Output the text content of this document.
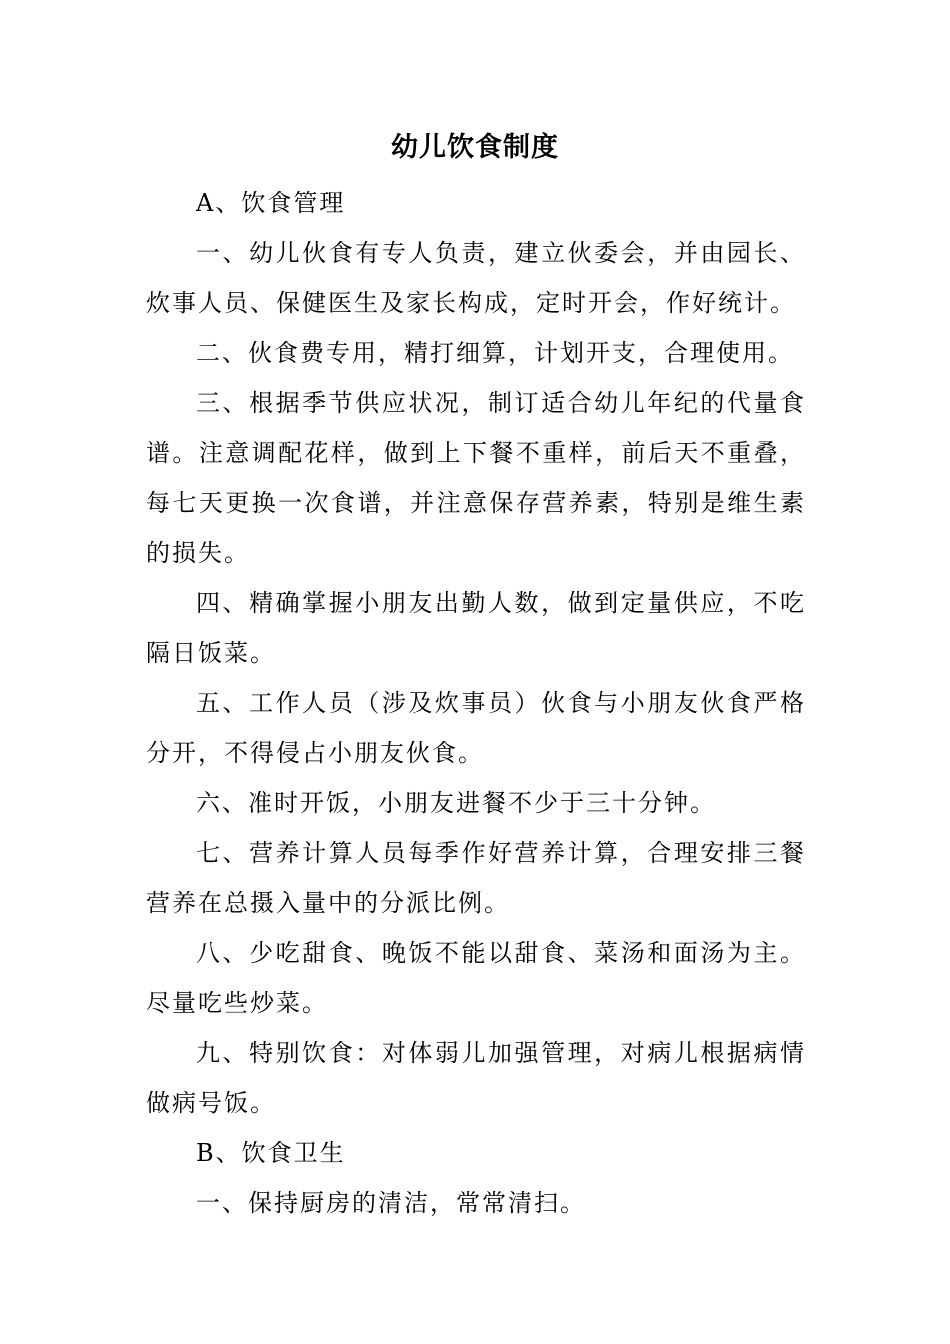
幼儿饮食制度

A、饮食管理

一、幼儿伙食有专人负责，建立伙委会，并由园长、炊事人员、保健医生及家长构成，定时开会，作好统计。

二、伙食费专用，精打细算，计划开支，合理使用。

三、根据季节供应状况，制订适合幼儿年纪的代量食谱。注意调配花样，做到上下餐不重样，前后天不重叠，每七天更换一次食谱，并注意保存营养素，特别是维生素的损失。

四、精确掌握小朋友出勤人数，做到定量供应，不吃隔日饭菜。

五、工作人员（涉及炊事员）伙食与小朋友伙食严格分开，不得侵占小朋友伙食。

六、准时开饭，小朋友进餐不少于三十分钟。

七、营养计算人员每季作好营养计算，合理安排三餐营养在总摄入量中的分派比例。

八、少吃甜食、晚饭不能以甜食、菜汤和面汤为主。尽量吃些炒菜。

九、特别饮食：对体弱儿加强管理，对病儿根据病情做病号饭。

B、饮食卫生

一、保持厨房的清洁，常常清扫。
